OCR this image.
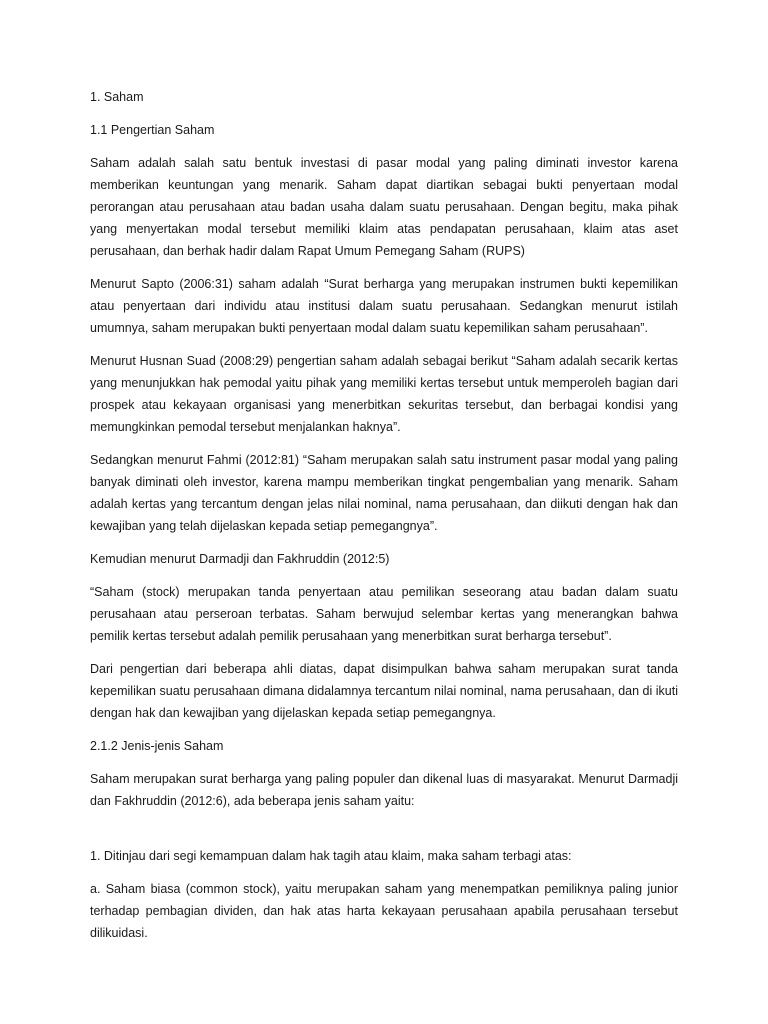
1. Saham

1.1 Pengertian Saham

Saham adalah salah satu bentuk investasi di pasar modal yang paling diminati investor karena memberikan keuntungan yang menarik. Saham dapat diartikan sebagai bukti penyertaan modal perorangan atau perusahaan atau badan usaha dalam suatu perusahaan. Dengan begitu, maka pihak yang menyertakan modal tersebut memiliki klaim atas pendapatan perusahaan, klaim atas aset perusahaan, dan berhak hadir dalam Rapat Umum Pemegang Saham (RUPS)

Menurut Sapto (2006:31) saham adalah “Surat berharga yang merupakan instrumen bukti kepemilikan atau penyertaan dari individu atau institusi dalam suatu perusahaan. Sedangkan menurut istilah umumnya, saham merupakan bukti penyertaan modal dalam suatu kepemilikan saham perusahaan”.

Menurut Husnan Suad (2008:29) pengertian saham adalah sebagai berikut “Saham adalah secarik kertas yang menunjukkan hak pemodal yaitu pihak yang memiliki kertas tersebut untuk memperoleh bagian dari prospek atau kekayaan organisasi yang menerbitkan sekuritas tersebut, dan berbagai kondisi yang memungkinkan pemodal tersebut menjalankan haknya”.

Sedangkan menurut Fahmi (2012:81) “Saham merupakan salah satu instrument pasar modal yang paling banyak diminati oleh investor, karena mampu memberikan tingkat pengembalian yang menarik. Saham adalah kertas yang tercantum dengan jelas nilai nominal, nama perusahaan, dan diikuti dengan hak dan kewajiban yang telah dijelaskan kepada setiap pemegangnya”.

Kemudian menurut Darmadji dan Fakhruddin (2012:5)

“Saham (stock) merupakan tanda penyertaan atau pemilikan seseorang atau badan dalam suatu perusahaan atau perseroan terbatas. Saham berwujud selembar kertas yang menerangkan bahwa pemilik kertas tersebut adalah pemilik perusahaan yang menerbitkan surat berharga tersebut”.

Dari pengertian dari beberapa ahli diatas, dapat disimpulkan bahwa saham merupakan surat tanda kepemilikan suatu perusahaan dimana didalamnya tercantum nilai nominal, nama perusahaan, dan di ikuti dengan hak dan kewajiban yang dijelaskan kepada setiap pemegangnya.

2.1.2 Jenis-jenis Saham

Saham merupakan surat berharga yang paling populer dan dikenal luas di masyarakat. Menurut Darmadji dan Fakhruddin (2012:6), ada beberapa jenis saham yaitu:

1. Ditinjau dari segi kemampuan dalam hak tagih atau klaim, maka saham terbagi atas:

a. Saham biasa (common stock), yaitu merupakan saham yang menempatkan pemiliknya paling junior terhadap pembagian dividen, dan hak atas harta kekayaan perusahaan apabila perusahaan tersebut dilikuidasi.
